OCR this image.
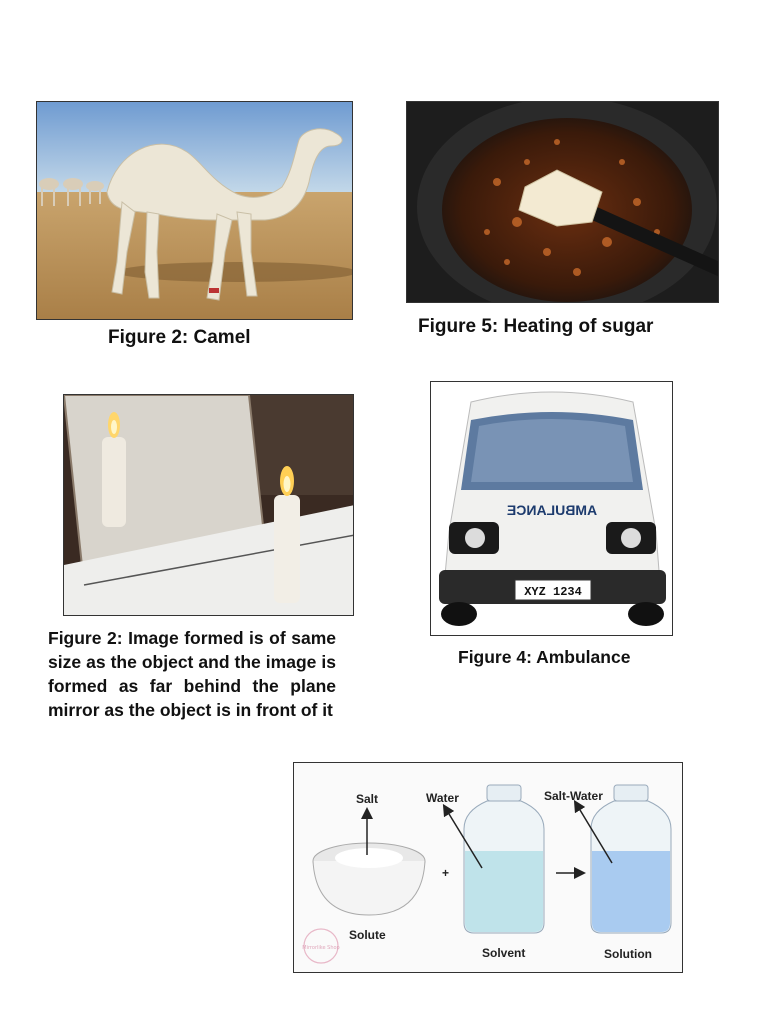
Figure 2: Camel
Figure 5: Heating of sugar
Figure 2: Image formed is of same size as the object and the image is formed as far behind the plane mirror as the object is in front of it
AMBULANCE
XYZ 1234
Figure 4: Ambulance
Salt
Solute
Mirrorlike Shop
+
Water
Solvent
Salt-Water
Solution
